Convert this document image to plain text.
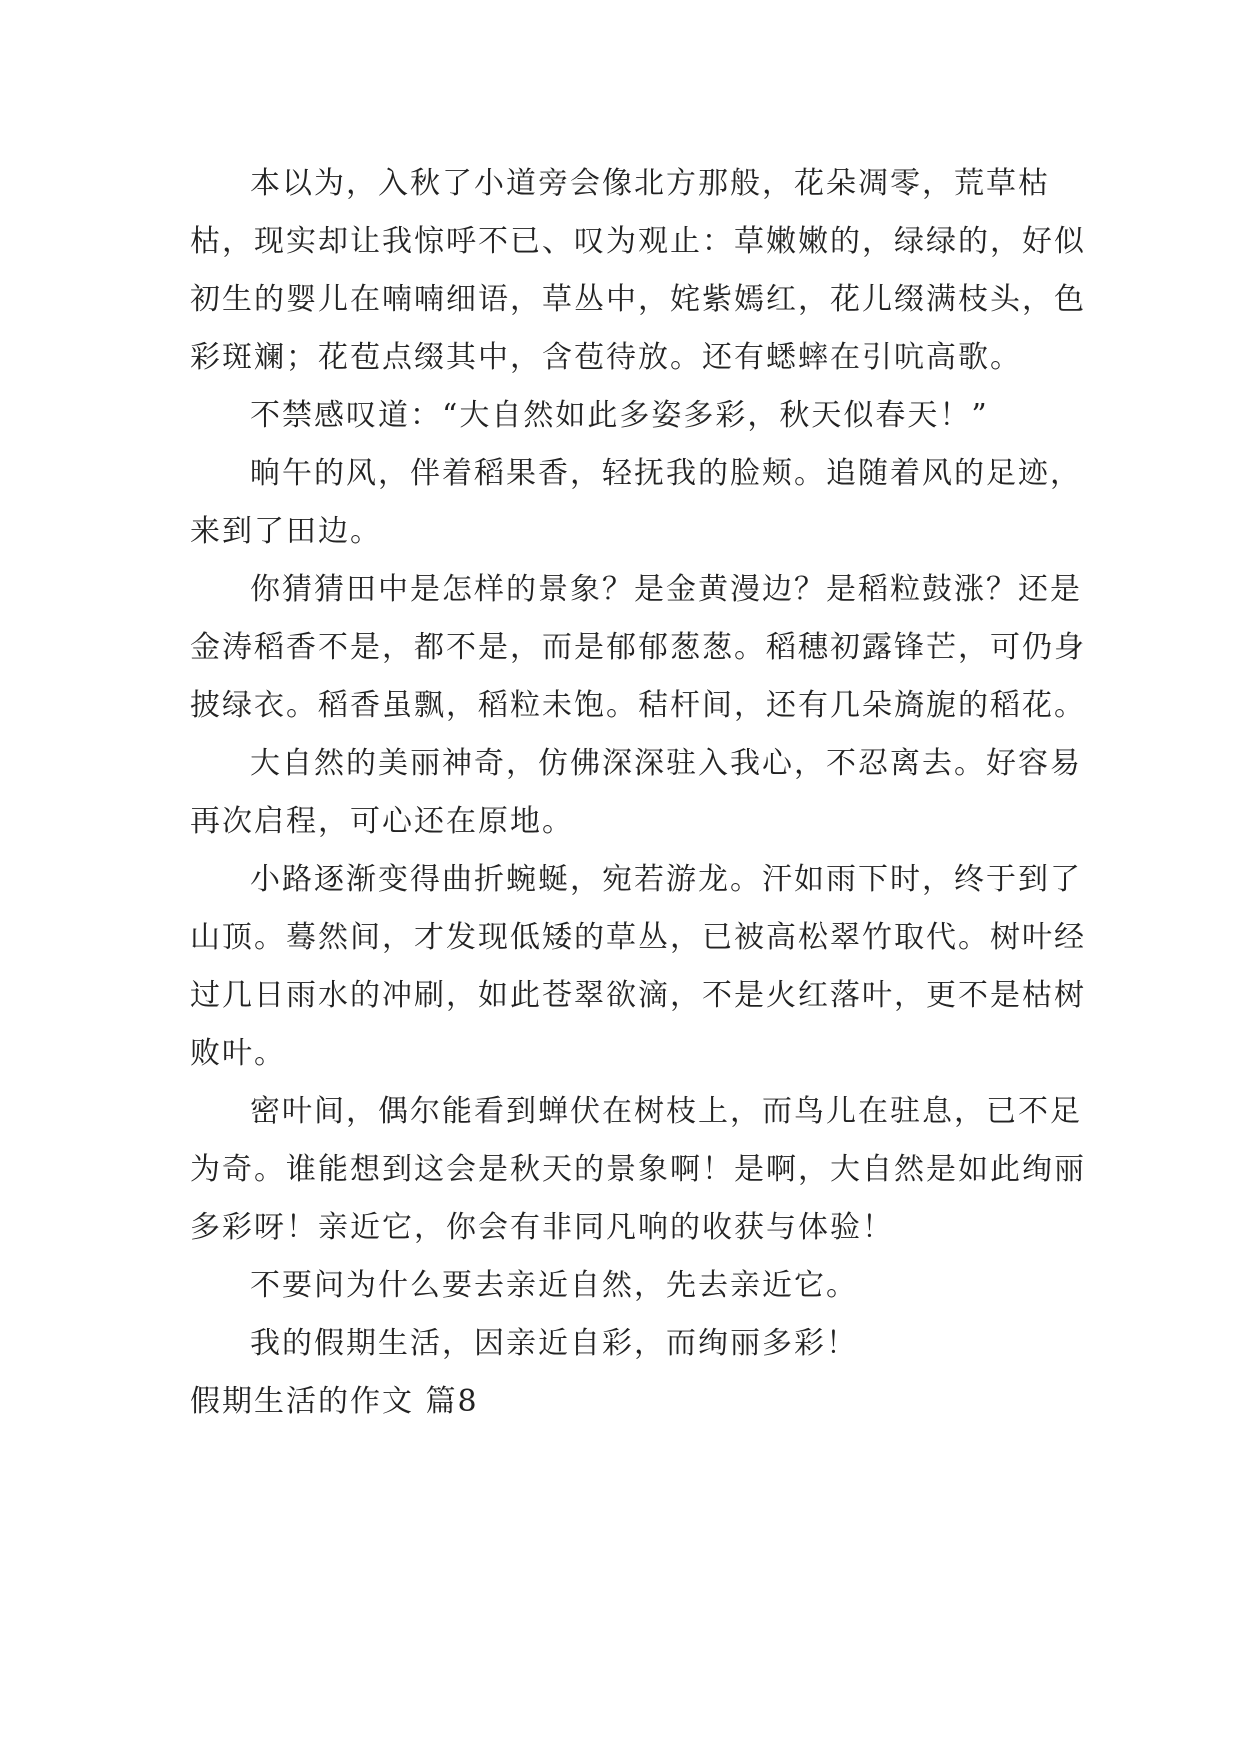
本以为，入秋了小道旁会像北方那般，花朵凋零，荒草枯枯，现实却让我惊呼不已、叹为观止：草嫩嫩的，绿绿的，好似初生的婴儿在喃喃细语，草丛中，姹紫嫣红，花儿缀满枝头，色彩斑斓；花苞点缀其中，含苞待放。还有蟋蟀在引吭高歌。

不禁感叹道：“大自然如此多姿多彩，秋天似春天！”

晌午的风，伴着稻果香，轻抚我的脸颊。追随着风的足迹，来到了田边。

你猜猜田中是怎样的景象？是金黄漫边？是稻粒鼓涨？还是金涛稻香不是，都不是，而是郁郁葱葱。稻穗初露锋芒，可仍身披绿衣。稻香虽飘，稻粒未饱。秸杆间，还有几朵旖旎的稻花。

大自然的美丽神奇，仿佛深深驻入我心，不忍离去。好容易再次启程，可心还在原地。

小路逐渐变得曲折蜿蜒，宛若游龙。汗如雨下时，终于到了山顶。蓦然间，才发现低矮的草丛，已被高松翠竹取代。树叶经过几日雨水的冲刷，如此苍翠欲滴，不是火红落叶，更不是枯树败叶。

密叶间，偶尔能看到蝉伏在树枝上，而鸟儿在驻息，已不足为奇。谁能想到这会是秋天的景象啊！是啊，大自然是如此绚丽多彩呀！亲近它，你会有非同凡响的收获与体验！

不要问为什么要去亲近自然，先去亲近它。

我的假期生活，因亲近自彩，而绚丽多彩！

假期生活的作文 篇8
